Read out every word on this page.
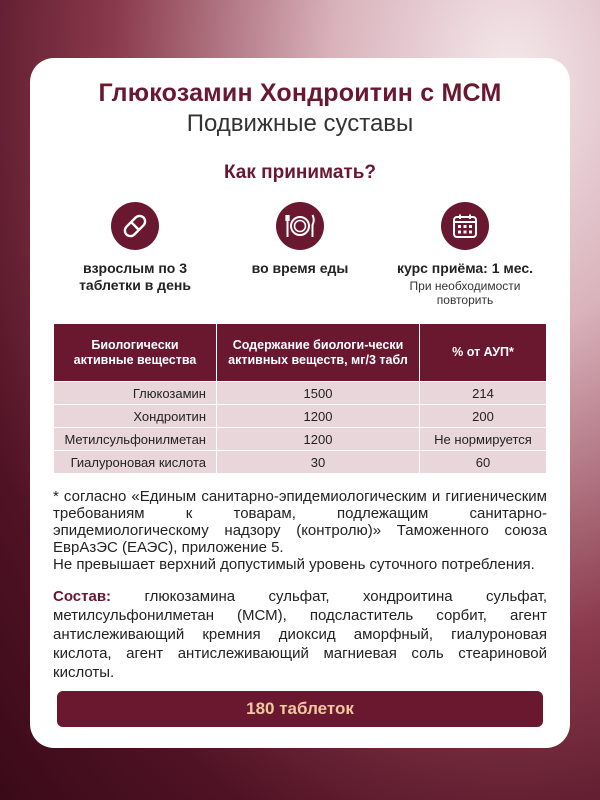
Глюкозамин Хондроитин с МСМ
Подвижные суставы
Как принимать?
взрослым по 3 таблетки в день
во время еды	курс приёма: 1 мес.
При необходимости повторить
Биологически активные вещества	Содержание биологи-чески активных веществ, мг/3 табл	% от АУП*
Глюкозамин	1500	214
Хондроитин	1200	200
Метилсульфонилметан	1200	Не нормируется
Гиалуроновая кислота	30	60

* согласно «Единым санитарно-эпидемиологическим и гигиеническим требованиям к товарам, подлежащим санитарно-эпидемиологическому надзору (контролю)» Таможенного союза ЕврАзЭС (ЕАЭС), приложение 5.

Не превышает верхний допустимый уровень суточного потребления.

Состав: глюкозамина сульфат, хондроитина сульфат, метилсульфонилметан (МСМ), подсластитель сорбит, агент антислеживающий кремния диоксид аморфный, гиалуроновая кислота, агент антислеживающий магниевая соль стеариновой кислоты.
180 таблеток
